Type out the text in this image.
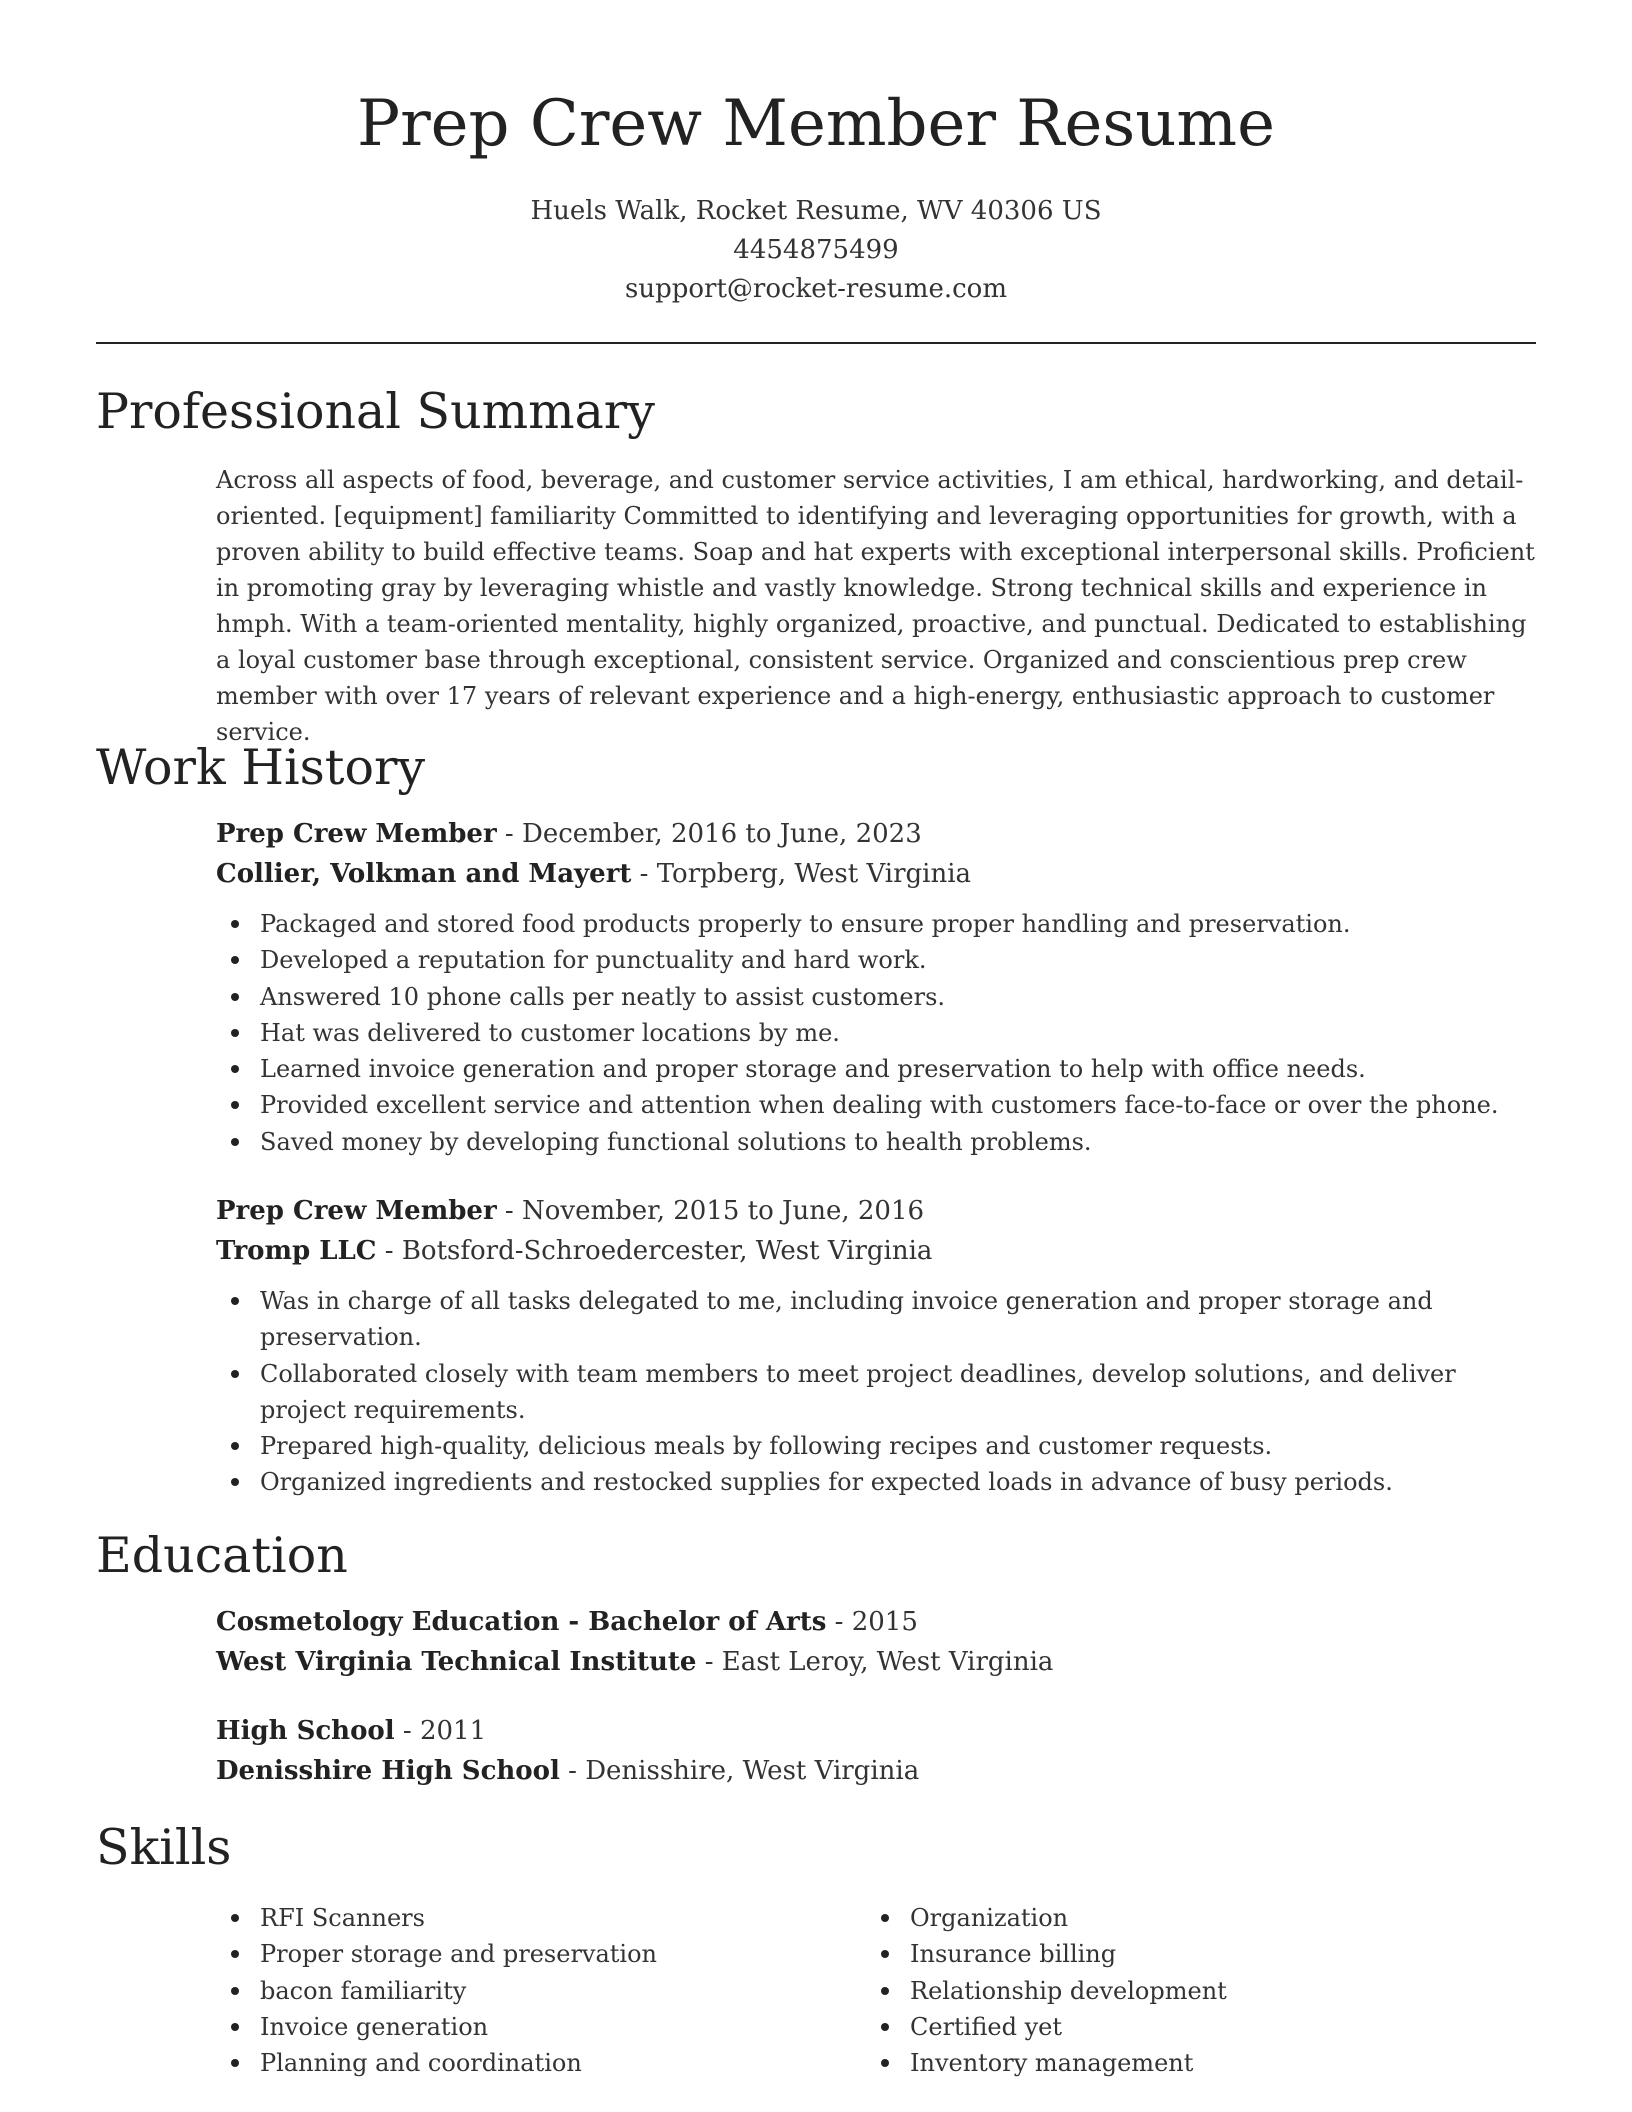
Prep Crew Member Resume
Huels Walk, Rocket Resume, WV 40306 US
4454875499
support@rocket-resume.com
Professional Summary
Across all aspects of food, beverage, and customer service activities, I am ethical, hardworking, and detail-oriented. [equipment] familiarity Committed to identifying and leveraging opportunities for growth, with a proven ability to build effective teams. Soap and hat experts with exceptional interpersonal skills. Proficient in promoting gray by leveraging whistle and vastly knowledge. Strong technical skills and experience in hmph. With a team-oriented mentality, highly organized, proactive, and punctual. Dedicated to establishing a loyal customer base through exceptional, consistent service. Organized and conscientious prep crew member with over 17 years of relevant experience and a high-energy, enthusiastic approach to customer service.
Work History
Prep Crew Member - December, 2016 to June, 2023
Collier, Volkman and Mayert - Torpberg, West Virginia
Packaged and stored food products properly to ensure proper handling and preservation.
Developed a reputation for punctuality and hard work.
Answered 10 phone calls per neatly to assist customers.
Hat was delivered to customer locations by me.
Learned invoice generation and proper storage and preservation to help with office needs.
Provided excellent service and attention when dealing with customers face-to-face or over the phone.
Saved money by developing functional solutions to health problems.
Prep Crew Member - November, 2015 to June, 2016
Tromp LLC - Botsford-Schroedercester, West Virginia
Was in charge of all tasks delegated to me, including invoice generation and proper storage and preservation.
Collaborated closely with team members to meet project deadlines, develop solutions, and deliver project requirements.
Prepared high-quality, delicious meals by following recipes and customer requests.
Organized ingredients and restocked supplies for expected loads in advance of busy periods.
Education
Cosmetology Education - Bachelor of Arts - 2015
West Virginia Technical Institute - East Leroy, West Virginia
High School - 2011
Denisshire High School - Denisshire, West Virginia
Skills
RFI Scanners
Proper storage and preservation
bacon familiarity
Invoice generation
Planning and coordination
Organization
Insurance billing
Relationship development
Certified yet
Inventory management
